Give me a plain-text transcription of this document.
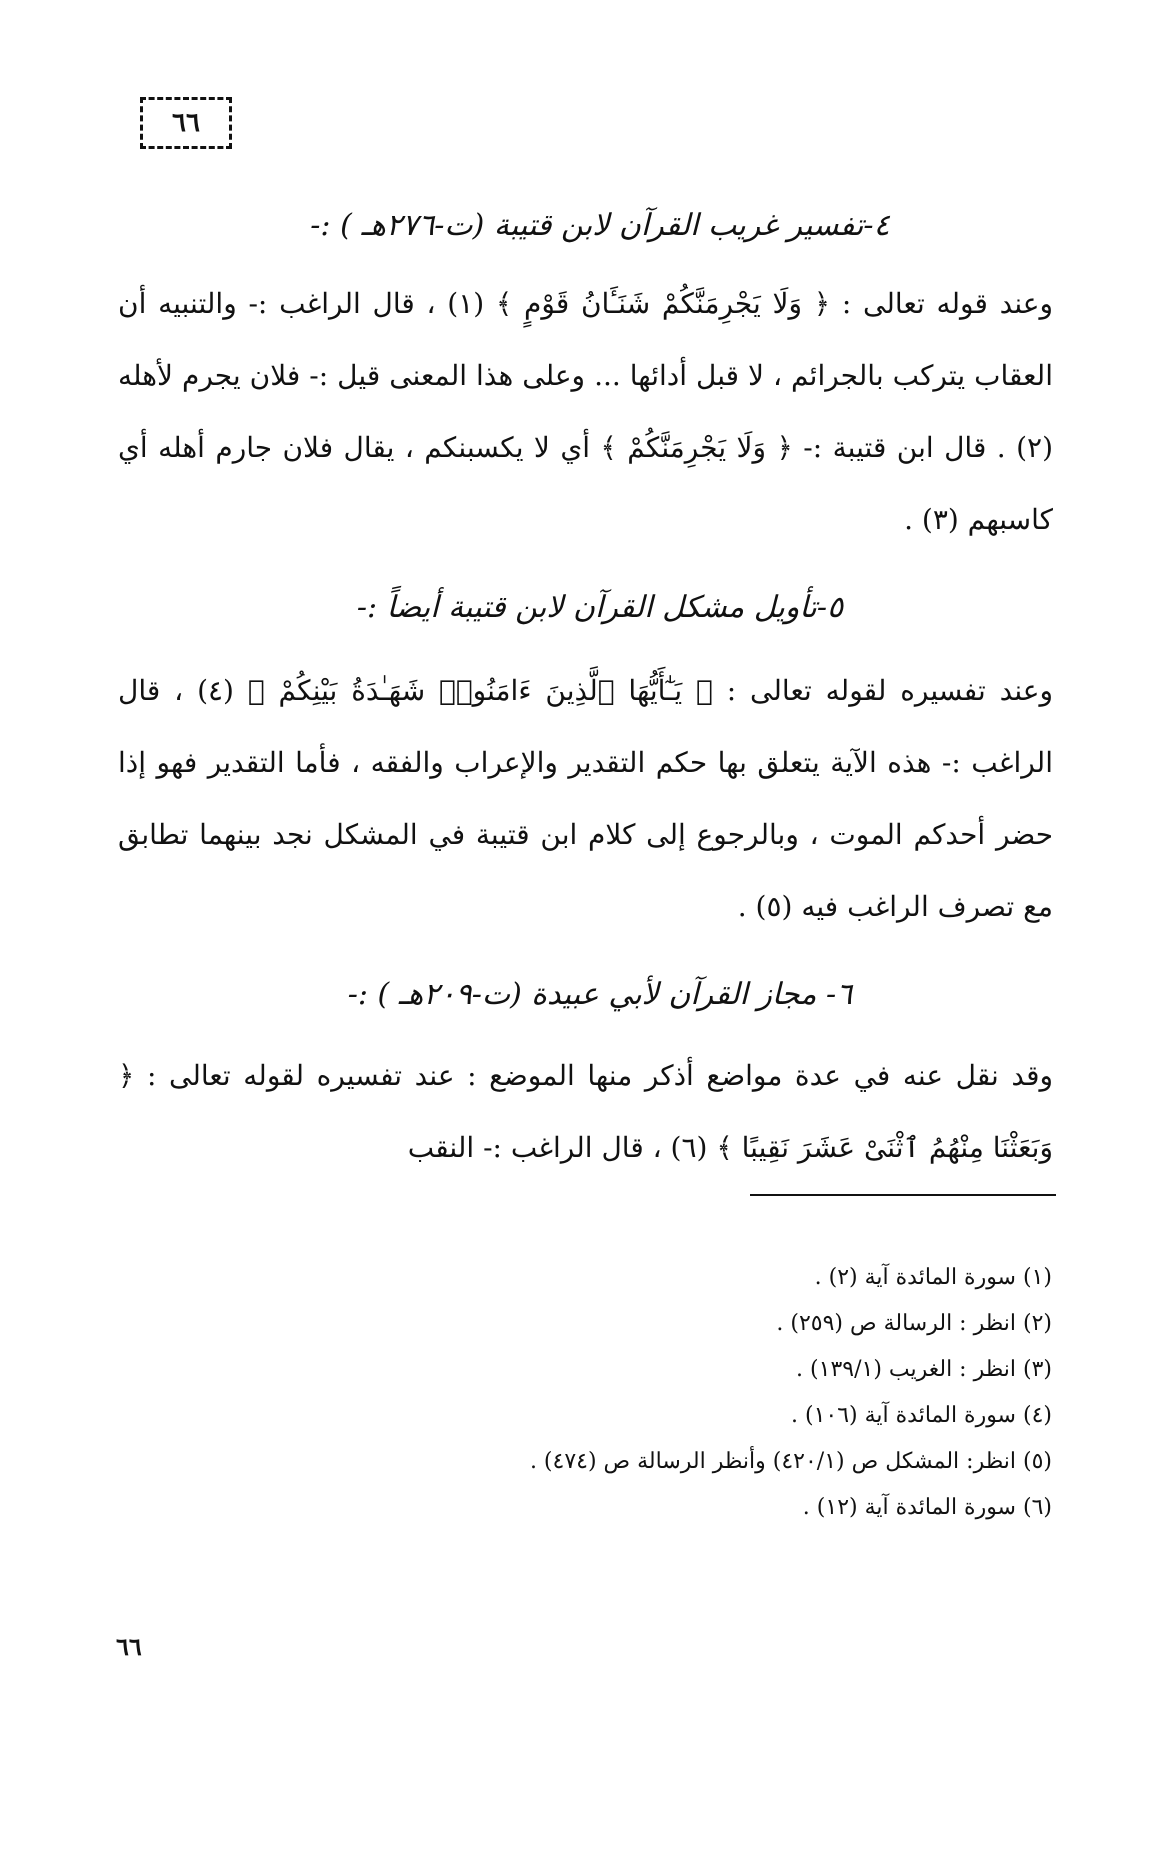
٦٦
٤-تفسير غريب القرآن لابن قتيبة (ت-٢٧٦هـ ) :-

وعند قوله تعالى : ﴿ وَلَا يَجْرِمَنَّكُمْ شَنَـَٔانُ قَوْمٍ ﴾ (١) ، قال الراغب :- والتنبيه أن العقاب يتركب بالجرائم ، لا قبل أدائها ... وعلى هذا المعنى قيل :- فلان يجرم لأهله (٢) . قال ابن قتيبة :- ﴿ وَلَا يَجْرِمَنَّكُمْ ﴾ أي لا يكسبنكم ، يقال فلان جارم أهله أي كاسبهم (٣) .

٥-تأويل مشكل القرآن لابن قتيبة أيضاً :-

وعند تفسيره لقوله تعالى : ﴿ يَـٰٓأَيُّهَا ٱلَّذِينَ ءَامَنُوا۟ شَهَـٰدَةُ بَيْنِكُمْ ﴾ (٤) ، قال الراغب :- هذه الآية يتعلق بها حكم التقدير والإعراب والفقه ، فأما التقدير فهو إذا حضر أحدكم الموت ، وبالرجوع إلى كلام ابن قتيبة في المشكل نجد بينهما تطابق مع تصرف الراغب فيه (٥) .

٦- مجاز القرآن لأبي عبيدة (ت-٢٠٩هـ ) :-

وقد نقل عنه في عدة مواضع أذكر منها الموضع : عند تفسيره لقوله تعالى : ﴿ وَبَعَثْنَا مِنْهُمُ ٱثْنَىْ عَشَرَ نَقِيبًا ﴾ (٦) ، قال الراغب :- النقب

(١) سورة المائدة آية (٢) .
(٢) انظر : الرسالة ص (٢٥٩) .
(٣) انظر : الغريب (١٣٩/١) .
(٤) سورة المائدة آية (١٠٦) .
(٥) انظر: المشكل ص (٤٢٠/١) وأنظر الرسالة ص (٤٧٤) .
(٦) سورة المائدة آية (١٢) .
٦٦
